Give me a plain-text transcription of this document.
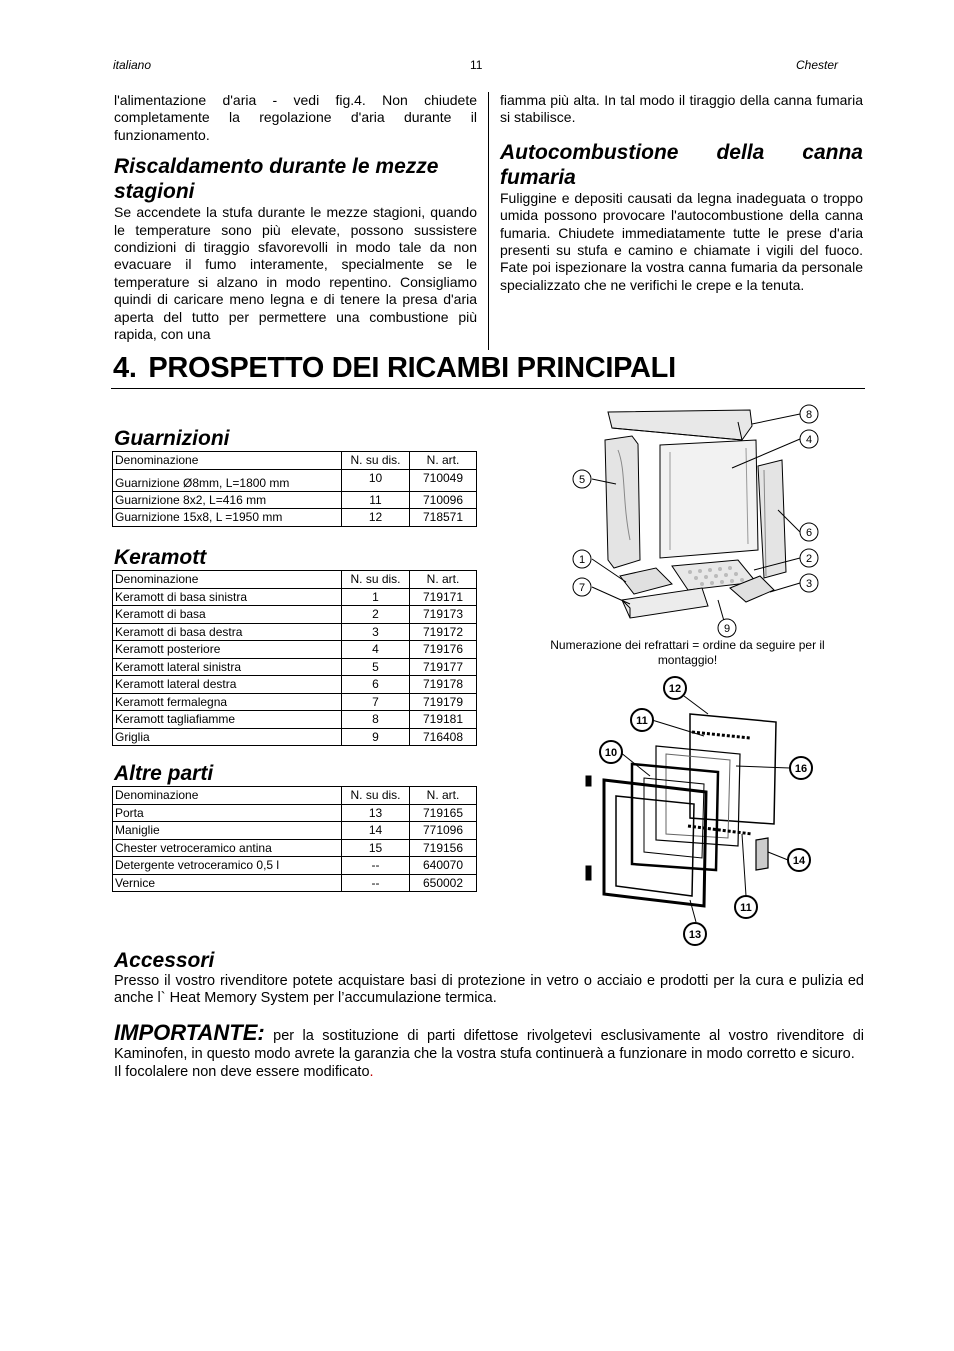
italiano	11	Chester

l'alimentazione d'aria - vedi fig.4. Non chiudete completamente la regolazione d'aria durante il funzionamento.

Riscaldamento durante le mezze stagioni

Se accendete la stufa durante le mezze stagioni, quando le temperature sono più elevate, possono sussistere condizioni di tiraggio sfavorevolli in modo tale da non evacuare il fumo interamente, specialmente se le temperature si alzano in modo repentino. Consigliamo quindi di caricare meno legna e di tenere la presa d'aria aperta del tutto per permettere una combustione più rapida, con una

fiamma più alta. In tal modo il tiraggio della canna fumaria si stabilisce.

Autocombustione della canna fumaria

Fuliggine e depositi causati da legna inadeguata o troppo umida possono provocare l'autocombustione della canna fumaria. Chiudete immediatamente tutte le prese d'aria presenti su stufa e camino e chiamate i vigili del fuoco. Fate poi ispezionare la vostra canna fumaria da personale specializzato che ne verifichi le crepe e la tenuta.

4. PROSPETTO DEI RICAMBI PRINCIPALI
Guarnizioni
Denominazione	N. su dis.	N. art.
Guarnizione Ø8mm, L=1800 mm	10	710049
Guarnizione 8x2, L=416 mm	11	710096
Guarnizione 15x8, L =1950 mm	12	718571
Keramott
Denominazione	N. su dis.	N. art.
Keramott di basa sinistra	1	719171
Keramott di basa	2	719173
Keramott di basa destra	3	719172
Keramott posteriore	4	719176
Keramott lateral sinistra	5	719177
Keramott lateral destra	6	719178
Keramott fermalegna	7	719179
Keramott tagliafiamme	8	719181
Griglia	9	716408
Altre parti
Denominazione	N. su dis.	N. art.
Porta	13	719165
Maniglie	14	771096
Chester vetroceramico antina	15	719156
Detergente vetroceramico 0,5 l	--	640070
Vernice	--	650002
8
4
5
6
1	2
7	3
9
Numerazione dei refrattari = ordine da seguire per il montaggio!
12
11
10
16
14
11
13

Accessori

Presso il vostro rivenditore potete acquistare basi di protezione in vetro o acciaio e prodotti per la cura e pulizia ed anche l` Heat Memory System per l’accumulazione termica.

IMPORTANTE: per la sostituzione di parti difettose rivolgetevi esclusivamente al vostro rivenditore di Kaminofen, in questo modo avrete la garanzia che la vostra stufa continuerà a funzionare in modo corretto e sicuro.

Il focolalere non deve essere modificato.
